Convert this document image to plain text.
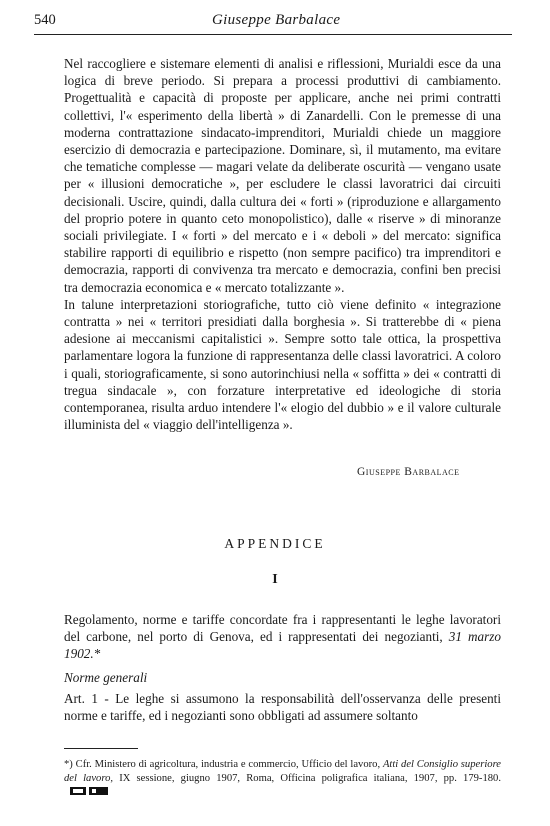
540	Giuseppe Barbalace

Nel raccogliere e sistemare elementi di analisi e riflessioni, Murialdi esce da una logica di breve periodo. Si prepara a processi produttivi di cambiamento. Progettualità e capacità di proposte per applicare, anche nei primi contratti collettivi, l'« esperimento della libertà » di Zanardelli. Con le premesse di una moderna contrattazione sindacato-imprenditori, Murialdi chiede un maggiore esercizio di democrazia e partecipazione. Dominare, sì, il mutamento, ma evitare che tematiche complesse — magari velate da deliberate oscurità — vengano usate per « illusioni democratiche », per escludere le classi lavoratrici dai circuiti decisionali. Uscire, quindi, dalla cultura dei « forti » (riproduzione e allargamento del proprio potere in quanto ceto monopolistico), dalle « riserve » di minoranze sociali privilegiate. I « forti » del mercato e i « deboli » del mercato: significa stabilire rapporti di equilibrio e rispetto (non sempre pacifico) tra imprenditori e democrazia, rapporti di convivenza tra mercato e democrazia, confini ben precisi tra democrazia economica e « mercato totalizzante ».

In talune interpretazioni storiografiche, tutto ciò viene definito « integrazione contratta » nei « territori presidiati dalla borghesia ». Si tratterebbe di « piena adesione ai meccanismi capitalistici ». Sempre sotto tale ottica, la prospettiva parlamentare logora la funzione di rappresentanza delle classi lavoratrici. A coloro i quali, storiograficamente, si sono autorinchiusi nella « soffitta » dei « contratti di tregua sindacale », con forzature interpretative ed ideologiche di storia contemporanea, risulta arduo intendere l'« elogio del dubbio » e il valore culturale illuminista del « viaggio dell'intelligenza ».

Giuseppe Barbalace
APPENDICE
I
Regolamento, norme e tariffe concordate fra i rappresentanti le leghe lavoratori del carbone, nel porto di Genova, ed i rappresentati dei negozianti, 31 marzo 1902.*
Norme generali
Art. 1 - Le leghe si assumono la responsabilità dell'osservanza delle presenti norme e tariffe, ed i negozianti sono obbligati ad assumere soltanto
*) Cfr. Ministero di agricoltura, industria e commercio, Ufficio del lavoro, Atti del Consiglio superiore del lavoro, IX sessione, giugno 1907, Roma, Officina poligrafica italiana, 1907, pp. 179-180.
